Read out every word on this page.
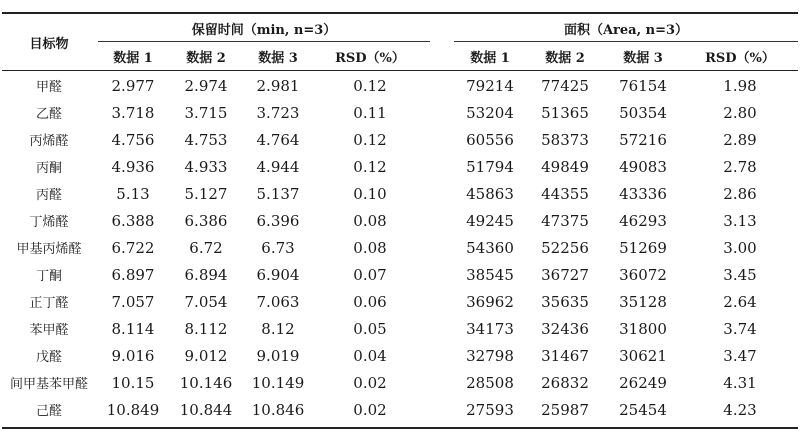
目标物
保留时间（min, n=3）	面积（Area, n=3）
数据 1	数据 2	数据 3	RSD（%）	数据 1	数据 2	数据 3	RSD（%）
甲醛	2.977	2.974	2.981	0.12	79214	77425	76154	1.98
乙醛	3.718	3.715	3.723	0.11	53204	51365	50354	2.80
丙烯醛	4.756	4.753	4.764	0.12	60556	58373	57216	2.89
丙酮	4.936	4.933	4.944	0.12	51794	49849	49083	2.78
丙醛	5.13	5.127	5.137	0.10	45863	44355	43336	2.86
丁烯醛	6.388	6.386	6.396	0.08	49245	47375	46293	3.13
甲基丙烯醛	6.722	6.72	6.73	0.08	54360	52256	51269	3.00
丁酮	6.897	6.894	6.904	0.07	38545	36727	36072	3.45
正丁醛	7.057	7.054	7.063	0.06	36962	35635	35128	2.64
苯甲醛	8.114	8.112	8.12	0.05	34173	32436	31800	3.74
戊醛	9.016	9.012	9.019	0.04	32798	31467	30621	3.47
间甲基苯甲醛	10.15	10.146	10.149	0.02	28508	26832	26249	4.31
己醛	10.849	10.844	10.846	0.02	27593	25987	25454	4.23
